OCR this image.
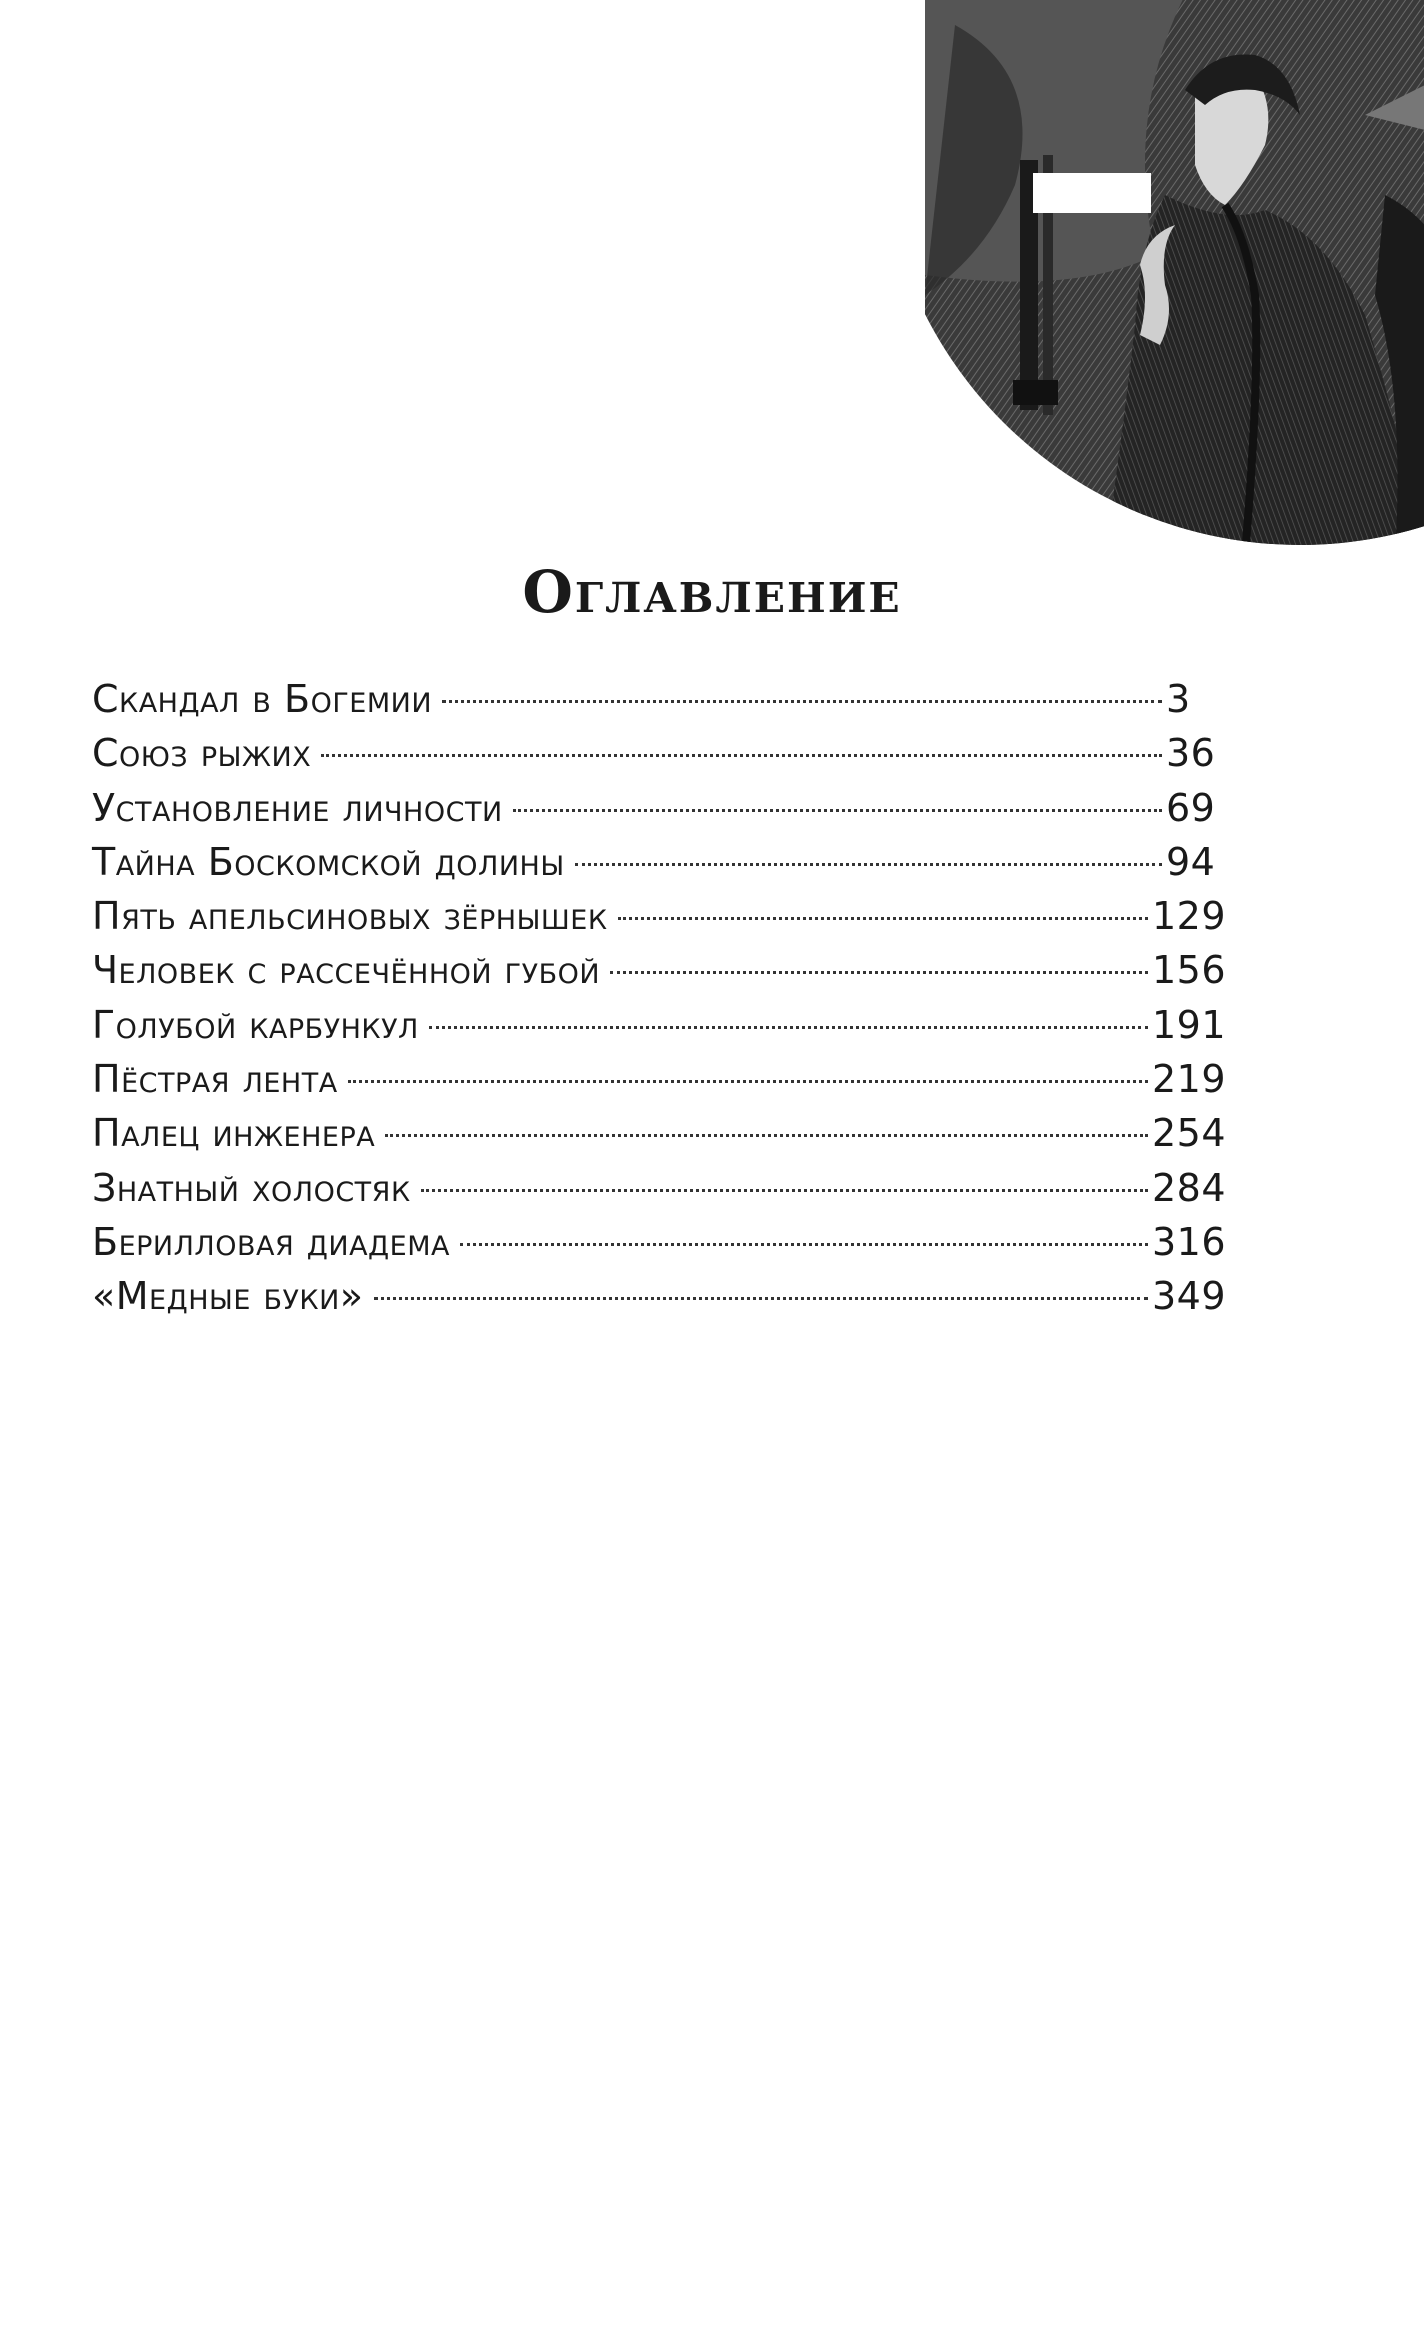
Оглавление
Скандал в Богемии	3
Союз рыжих	36
Установление личности	69
Тайна Боскомской долины	94
Пять апельсиновых зёрнышек	129
Человек с рассечённой губой	156
Голубой карбункул	191
Пёстрая лента	219
Палец инженера	254
Знатный холостяк	284
Берилловая диадема	316
«Медные буки»	349
